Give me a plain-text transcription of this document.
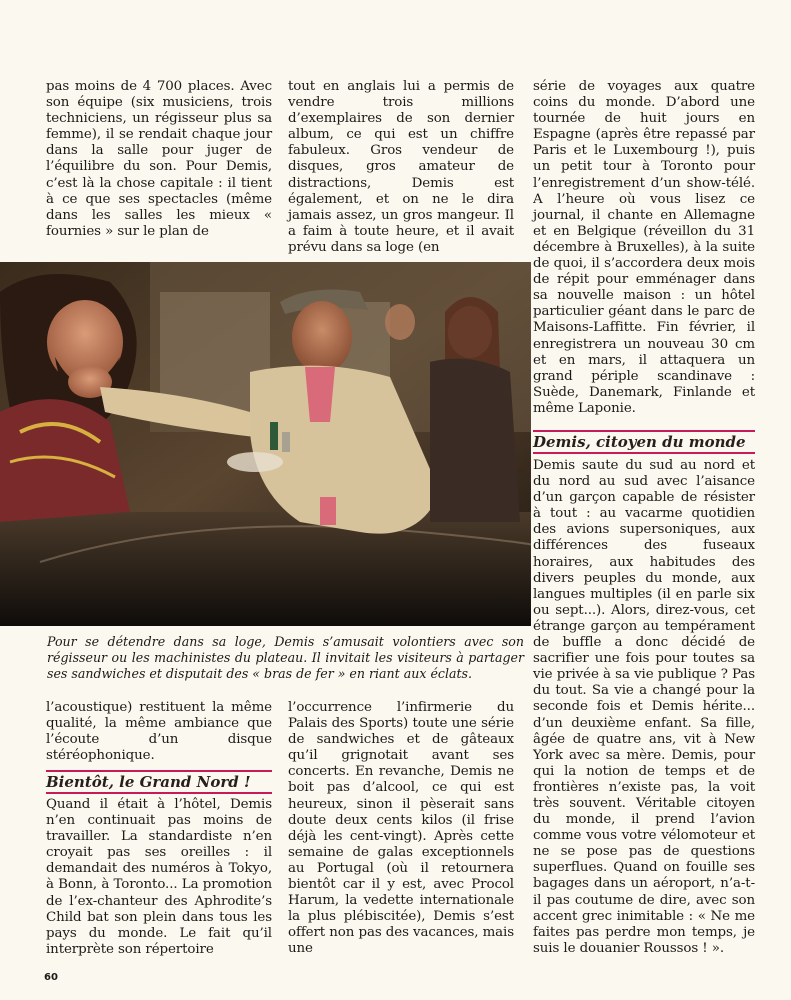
pas moins de 4 700 places. Avec son équipe (six musiciens, trois techniciens, un régisseur plus sa femme), il se rendait chaque jour dans la salle pour juger de l’équilibre du son. Pour Demis, c’est là la chose capitale : il tient à ce que ses spectacles (même dans les salles les mieux « fournies » sur le plan de

tout en anglais lui a permis de vendre trois millions d’exemplaires de son dernier album, ce qui est un chiffre fabuleux. Gros vendeur de disques, gros amateur de distractions, Demis est également, et on ne le dira jamais assez, un gros mangeur. Il a faim à toute heure, et il avait prévu dans sa loge (en

série de voyages aux quatre coins du monde. D’abord une tournée de huit jours en Espagne (après être repassé par Paris et le Luxembourg !), puis un petit tour à Toronto pour l’enregistrement d’un show-télé. A l’heure où vous lisez ce journal, il chante en Allemagne et en Belgique (réveillon du 31 décembre à Bruxelles), à la suite de quoi, il s’accordera deux mois de répit pour emménager dans sa nouvelle maison : un hôtel particulier géant dans le parc de Maisons-Laffitte. Fin février, il enregistrera un nouveau 30 cm et en mars, il attaquera un grand périple scandinave : Suède, Danemark, Finlande et même Laponie.

Demis, citoyen du monde

Demis saute du sud au nord et du nord au sud avec l’aisance d’un garçon capable de résister à tout : au vacarme quotidien des avions supersoniques, aux différences des fuseaux horaires, aux habitudes des divers peuples du monde, aux langues multiples (il en parle six ou sept...). Alors, direz-vous, cet étrange garçon au tempérament de buffle a donc décidé de sacrifier une fois pour toutes sa vie privée à sa vie publique ? Pas du tout. Sa vie a changé pour la seconde fois et Demis hérite... d’un deuxième enfant. Sa fille, âgée de quatre ans, vit à New York avec sa mère. Demis, pour qui la notion de temps et de frontières n’existe pas, la voit très souvent. Véritable citoyen du monde, il prend l’avion comme vous votre vélomoteur et ne se pose pas de questions superflues. Quand on fouille ses bagages dans un aéroport, n’a-t-il pas coutume de dire, avec son accent grec inimitable : « Ne me faites pas perdre mon temps, je suis le douanier Roussos ! ».

Pour se détendre dans sa loge, Demis s’amusait volontiers avec son régisseur ou les machinistes du plateau. Il invitait les visiteurs à partager ses sandwiches et disputait des « bras de fer » en riant aux éclats.

l’acoustique) restituent la même qualité, la même ambiance que l’écoute d’un disque stéréophonique.

Bientôt, le Grand Nord !

Quand il était à l’hôtel, Demis n’en continuait pas moins de travailler. La standardiste n’en croyait pas ses oreilles : il demandait des numéros à Tokyo, à Bonn, à Toronto... La promotion de l’ex-chanteur des Aphrodite’s Child bat son plein dans tous les pays du monde. Le fait qu’il interprète son répertoire

l’occurrence l’infirmerie du Palais des Sports) toute une série de sandwiches et de gâteaux qu’il grignotait avant ses concerts. En revanche, Demis ne boit pas d’alcool, ce qui est heureux, sinon il pèserait sans doute deux cents kilos (il frise déjà les cent-vingt). Après cette semaine de galas exceptionnels au Portugal (où il retournera bientôt car il y est, avec Procol Harum, la vedette internationale la plus plébiscitée), Demis s’est offert non pas des vacances, mais une

60
